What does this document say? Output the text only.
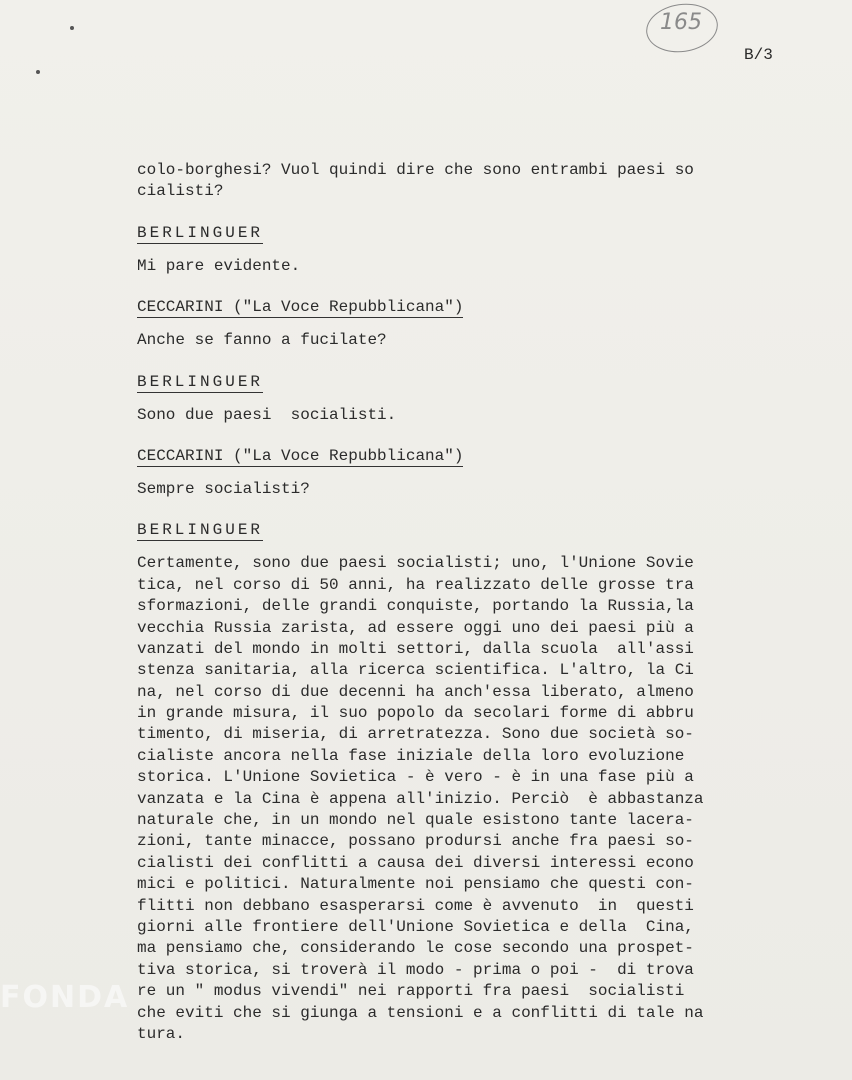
165
B/3
colo-borghesi? Vuol quindi dire che sono entrambi paesi so
cialisti?
BERLINGUER
Mi pare evidente.
CECCARINI ("La Voce Repubblicana")
Anche se fanno a fucilate?
BERLINGUER
Sono due paesi  socialisti.
CECCARINI ("La Voce Repubblicana")
Sempre socialisti?
BERLINGUER
Certamente, sono due paesi socialisti; uno, l'Unione Sovie
tica, nel corso di 50 anni, ha realizzato delle grosse tra
sformazioni, delle grandi conquiste, portando la Russia,la
vecchia Russia zarista, ad essere oggi uno dei paesi più a
vanzati del mondo in molti settori, dalla scuola  all'assi
stenza sanitaria, alla ricerca scientifica. L'altro, la Ci
na, nel corso di due decenni ha anch'essa liberato, almeno
in grande misura, il suo popolo da secolari forme di abbru
timento, di miseria, di arretratezza. Sono due società so-
cialiste ancora nella fase iniziale della loro evoluzione
storica. L'Unione Sovietica - è vero - è in una fase più a
vanzata e la Cina è appena all'inizio. Perciò  è abbastanza
naturale che, in un mondo nel quale esistono tante lacera-
zioni, tante minacce, possano prodursi anche fra paesi so-
cialisti dei conflitti a causa dei diversi interessi econo
mici e politici. Naturalmente noi pensiamo che questi con-
flitti non debbano esasperarsi come è avvenuto  in  questi
giorni alle frontiere dell'Unione Sovietica e della  Cina,
ma pensiamo che, considerando le cose secondo una prospet-
tiva storica, si troverà il modo - prima o poi -  di trova
re un " modus vivendi" nei rapporti fra paesi  socialisti
che eviti che si giunga a tensioni e a conflitti di tale na
tura.
FONDA
